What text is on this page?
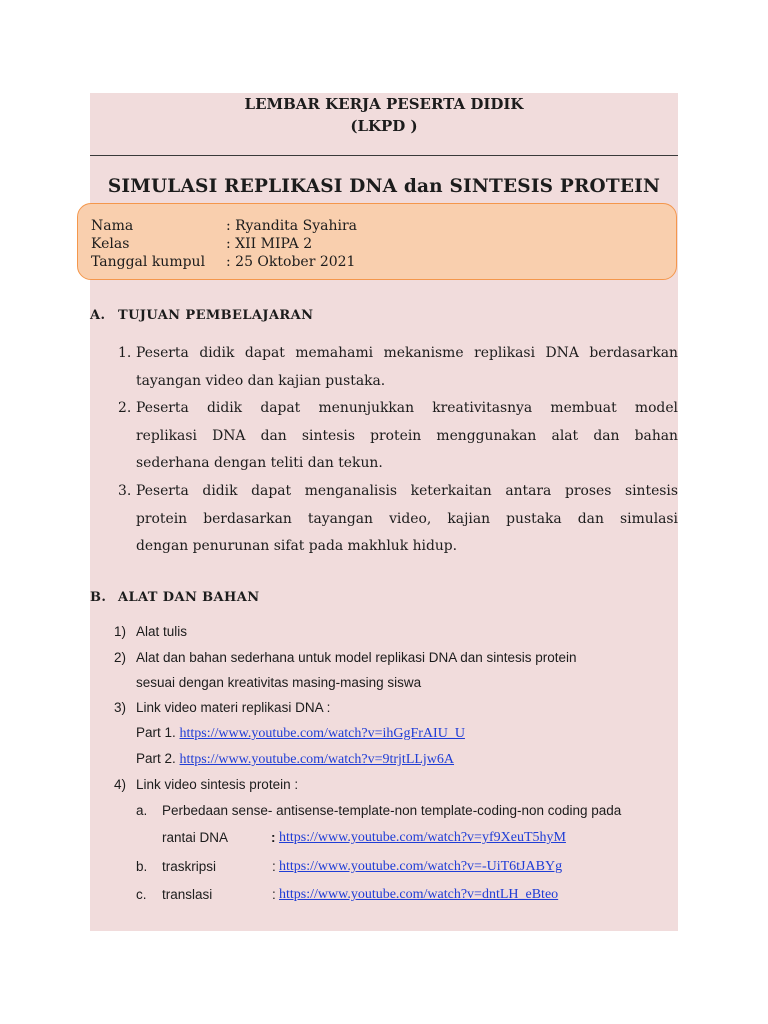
LEMBAR KERJA PESERTA DIDIK
(LKPD )
SIMULASI REPLIKASI DNA dan SINTESIS PROTEIN
Nama	: Ryandita Syahira
Kelas	: XII MIPA 2
Tanggal kumpul : 25 Oktober 2021
A. TUJUAN PEMBELAJARAN
1. Peserta didik dapat memahami mekanisme replikasi DNA berdasarkan
tayangan video dan kajian pustaka.
2. Peserta didik dapat menunjukkan kreativitasnya membuat model
replikasi DNA dan sintesis protein menggunakan alat dan bahan
sederhana dengan teliti dan tekun.
3. Peserta didik dapat menganalisis keterkaitan antara proses sintesis
protein berdasarkan tayangan video, kajian pustaka dan simulasi
dengan penurunan sifat pada makhluk hidup.
B. ALAT DAN BAHAN
1) Alat tulis
2) Alat dan bahan sederhana untuk model replikasi DNA dan sintesis protein
sesuai dengan kreativitas masing-masing siswa
3) Link video materi replikasi DNA :
Part 1. https://www.youtube.com/watch?v=ihGgFrAIU_U
Part 2. https://www.youtube.com/watch?v=9trjtLLjw6A
4) Link video sintesis protein :
a. Perbedaan sense- antisense-template-non template-coding-non coding pada
rantai DNA	: https://www.youtube.com/watch?v=yf9XeuT5hyM
b. traskripsi	: https://www.youtube.com/watch?v=-UiT6tJABYg
c. translasi	: https://www.youtube.com/watch?v=dntLH_eBteo
